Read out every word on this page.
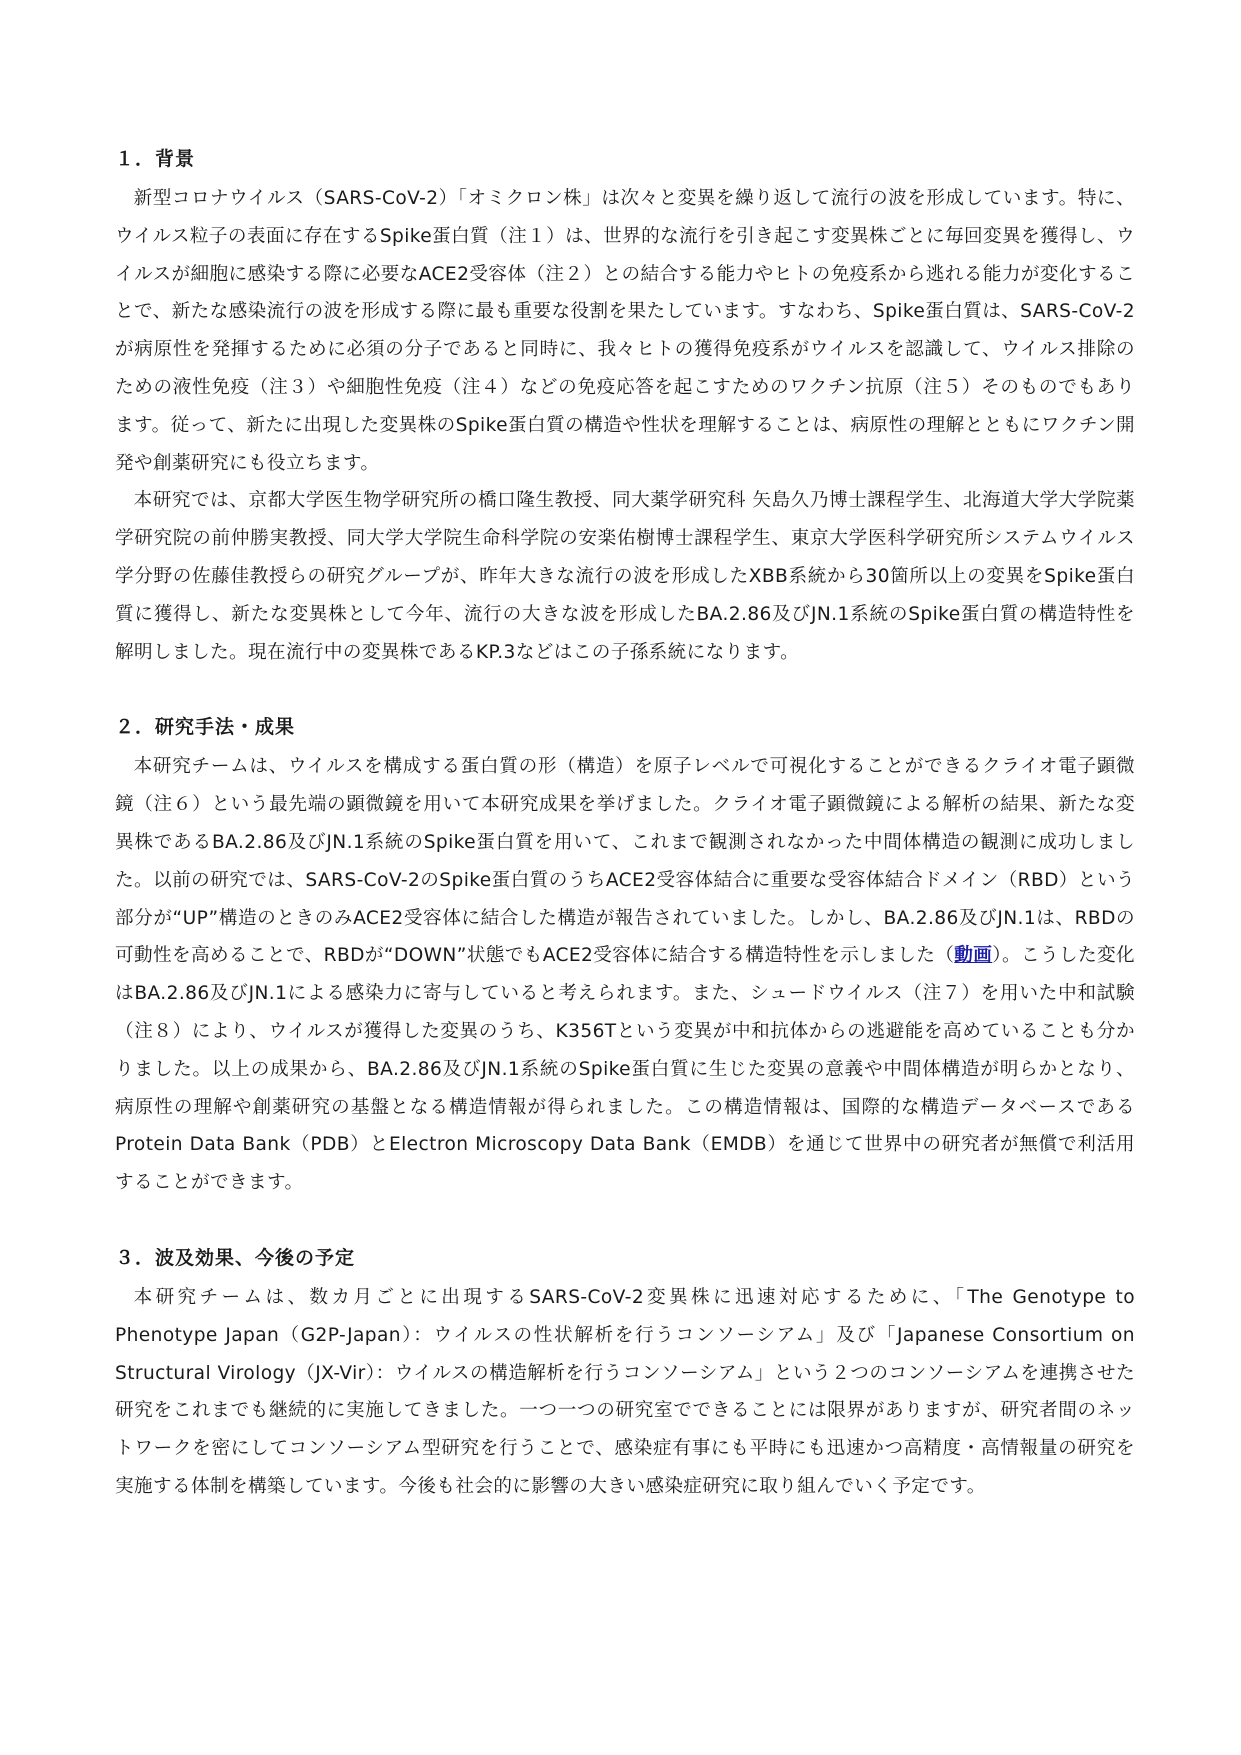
１．背景

新型コロナウイルス（SARS-CoV-2）「オミクロン株」は次々と変異を繰り返して流行の波を形成しています。特に、ウイルス粒子の表面に存在するSpike蛋白質（注１）は、世界的な流行を引き起こす変異株ごとに毎回変異を獲得し、ウイルスが細胞に感染する際に必要なACE2受容体（注２）との結合する能力やヒトの免疫系から逃れる能力が変化することで、新たな感染流行の波を形成する際に最も重要な役割を果たしています。すなわち、Spike蛋白質は、SARS-CoV-2が病原性を発揮するために必須の分子であると同時に、我々ヒトの獲得免疫系がウイルスを認識して、ウイルス排除のための液性免疫（注３）や細胞性免疫（注４）などの免疫応答を起こすためのワクチン抗原（注５）そのものでもあります。従って、新たに出現した変異株のSpike蛋白質の構造や性状を理解することは、病原性の理解とともにワクチン開発や創薬研究にも役立ちます。

本研究では、京都大学医生物学研究所の橋口隆生教授、同大薬学研究科 矢島久乃博士課程学生、北海道大学大学院薬学研究院の前仲勝実教授、同大学大学院生命科学院の安楽佑樹博士課程学生、東京大学医科学研究所システムウイルス学分野の佐藤佳教授らの研究グループが、昨年大きな流行の波を形成したXBB系統から30箇所以上の変異をSpike蛋白質に獲得し、新たな変異株として今年、流行の大きな波を形成したBA.2.86及びJN.1系統のSpike蛋白質の構造特性を解明しました。現在流行中の変異株であるKP.3などはこの子孫系統になります。

２．研究手法・成果

本研究チームは、ウイルスを構成する蛋白質の形（構造）を原子レベルで可視化することができるクライオ電子顕微鏡（注６）という最先端の顕微鏡を用いて本研究成果を挙げました。クライオ電子顕微鏡による解析の結果、新たな変異株であるBA.2.86及びJN.1系統のSpike蛋白質を用いて、これまで観測されなかった中間体構造の観測に成功しました。以前の研究では、SARS-CoV-2のSpike蛋白質のうちACE2受容体結合に重要な受容体結合ドメイン（RBD）という部分が“UP”構造のときのみACE2受容体に結合した構造が報告されていました。しかし、BA.2.86及びJN.1は、RBDの可動性を高めることで、RBDが“DOWN”状態でもACE2受容体に結合する構造特性を示しました（動画）。こうした変化はBA.2.86及びJN.1による感染力に寄与していると考えられます。また、シュードウイルス（注７）を用いた中和試験（注８）により、ウイルスが獲得した変異のうち、K356Tという変異が中和抗体からの逃避能を高めていることも分かりました。以上の成果から、BA.2.86及びJN.1系統のSpike蛋白質に生じた変異の意義や中間体構造が明らかとなり、病原性の理解や創薬研究の基盤となる構造情報が得られました。この構造情報は、国際的な構造データベースであるProtein Data Bank（PDB）とElectron Microscopy Data Bank（EMDB）を通じて世界中の研究者が無償で利活用することができます。

３．波及効果、今後の予定

本研究チームは、数カ月ごとに出現するSARS-CoV-2変異株に迅速対応するために、「The Genotype to Phenotype Japan（G2P-Japan）：ウイルスの性状解析を行うコンソーシアム」及び「Japanese Consortium on Structural Virology（JX-Vir）：ウイルスの構造解析を行うコンソーシアム」という２つのコンソーシアムを連携させた研究をこれまでも継続的に実施してきました。一つ一つの研究室でできることには限界がありますが、研究者間のネットワークを密にしてコンソーシアム型研究を行うことで、感染症有事にも平時にも迅速かつ高精度・高情報量の研究を実施する体制を構築しています。今後も社会的に影響の大きい感染症研究に取り組んでいく予定です。
